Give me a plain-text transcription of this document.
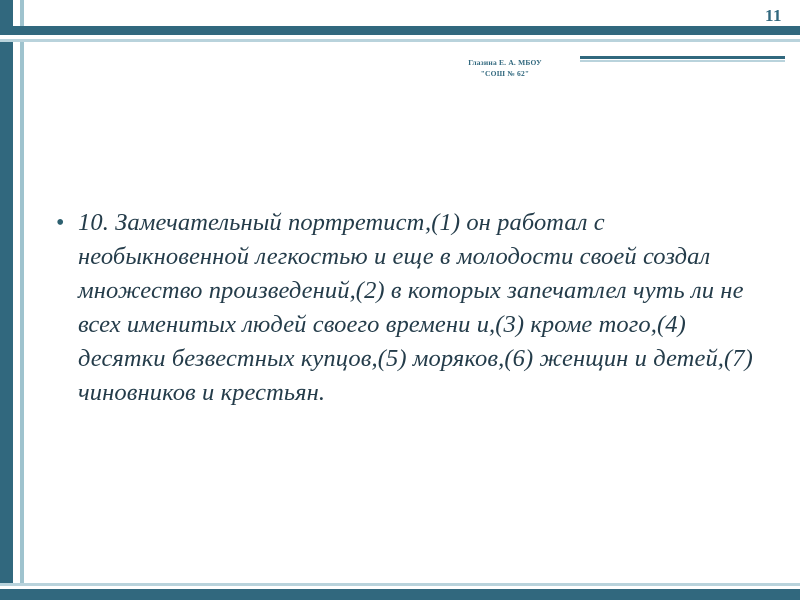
11
Глазина Е. А. МБОУ
"СОШ № 62"
• 10. Замечательный портретист,(1) он работал с необыкновенной легкостью и еще в молодости своей создал множество произведений,(2) в которых запечатлел чуть ли не всех именитых людей своего времени и,(3) кроме того,(4) десятки безвестных купцов,(5) моряков,(6) женщин и детей,(7) чиновников и крестьян.
